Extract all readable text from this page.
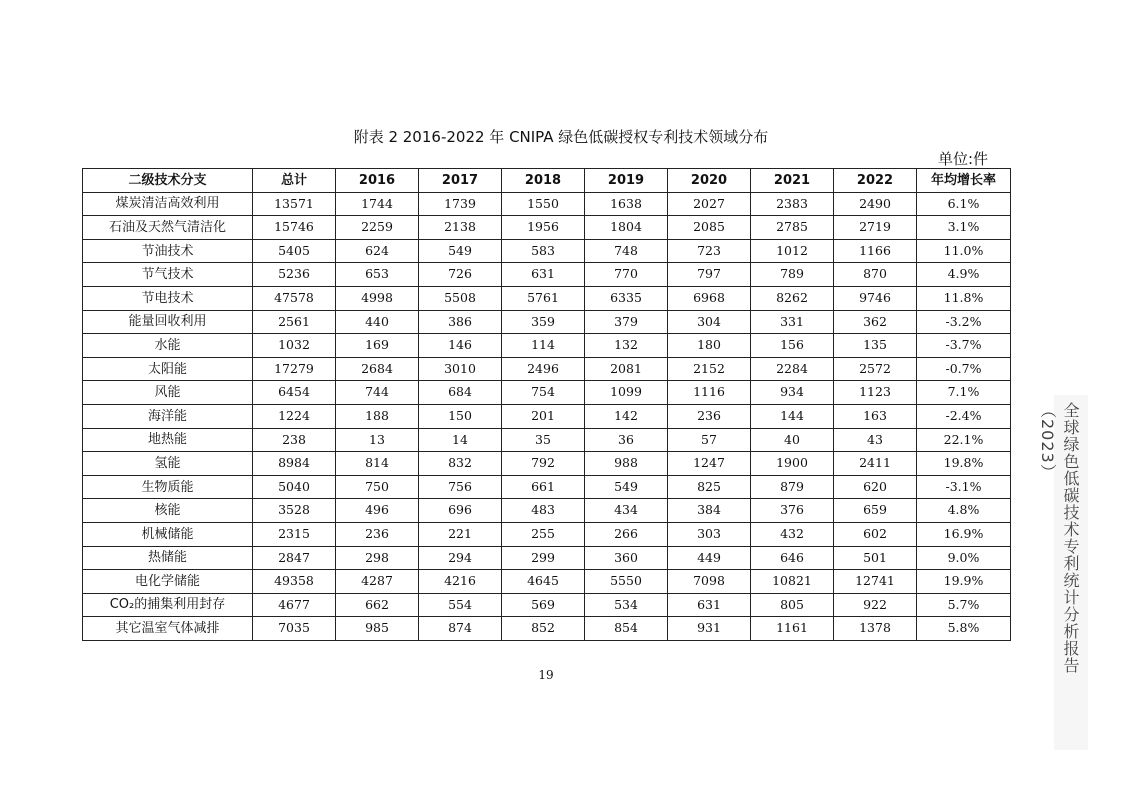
附表 2 2016-2022 年 CNIPA 绿色低碳授权专利技术领域分布
单位:件
二级技术分支	总计	2016	2017	2018	2019	2020	2021	2022	年均增长率
煤炭清洁高效利用	13571	1744	1739	1550	1638	2027	2383	2490	6.1%
石油及天然气清洁化	15746	2259	2138	1956	1804	2085	2785	2719	3.1%
节油技术	5405	624	549	583	748	723	1012	1166	11.0%
节气技术	5236	653	726	631	770	797	789	870	4.9%
节电技术	47578	4998	5508	5761	6335	6968	8262	9746	11.8%
能量回收利用	2561	440	386	359	379	304	331	362	-3.2%
水能	1032	169	146	114	132	180	156	135	-3.7%
太阳能	17279	2684	3010	2496	2081	2152	2284	2572	-0.7%
风能	6454	744	684	754	1099	1116	934	1123	7.1%
海洋能	1224	188	150	201	142	236	144	163	-2.4%
地热能	238	13	14	35	36	57	40	43	22.1%
氢能	8984	814	832	792	988	1247	1900	2411	19.8%
生物质能	5040	750	756	661	549	825	879	620	-3.1%
核能	3528	496	696	483	434	384	376	659	4.8%
机械储能	2315	236	221	255	266	303	432	602	16.9%
热储能	2847	298	294	299	360	449	646	501	9.0%
电化学储能	49358	4287	4216	4645	5550	7098	10821	12741	19.9%
CO₂的捕集利用封存	4677	662	554	569	534	631	805	922	5.7%
其它温室气体减排	7035	985	874	852	854	931	1161	1378	5.8%
19
全球绿色低碳技术专利统计分析报告（2023）
